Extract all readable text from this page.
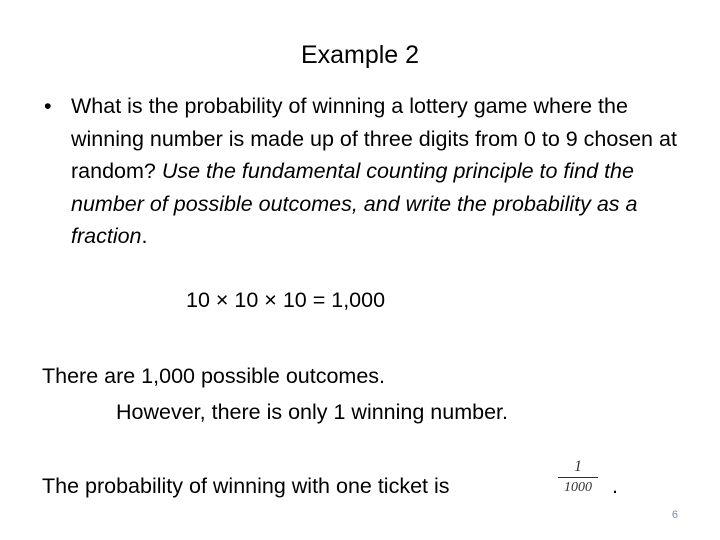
Example 2
• What is the probability of winning a lottery game where the winning number is made up of three digits from 0 to 9 chosen at random? Use the fundamental counting principle to find the number of possible outcomes, and write the probability as a fraction.
10 × 10 × 10 = 1,000
There are 1,000 possible outcomes.
However, there is only 1 winning number.
The probability of winning with one ticket is
1
1000 .
6
